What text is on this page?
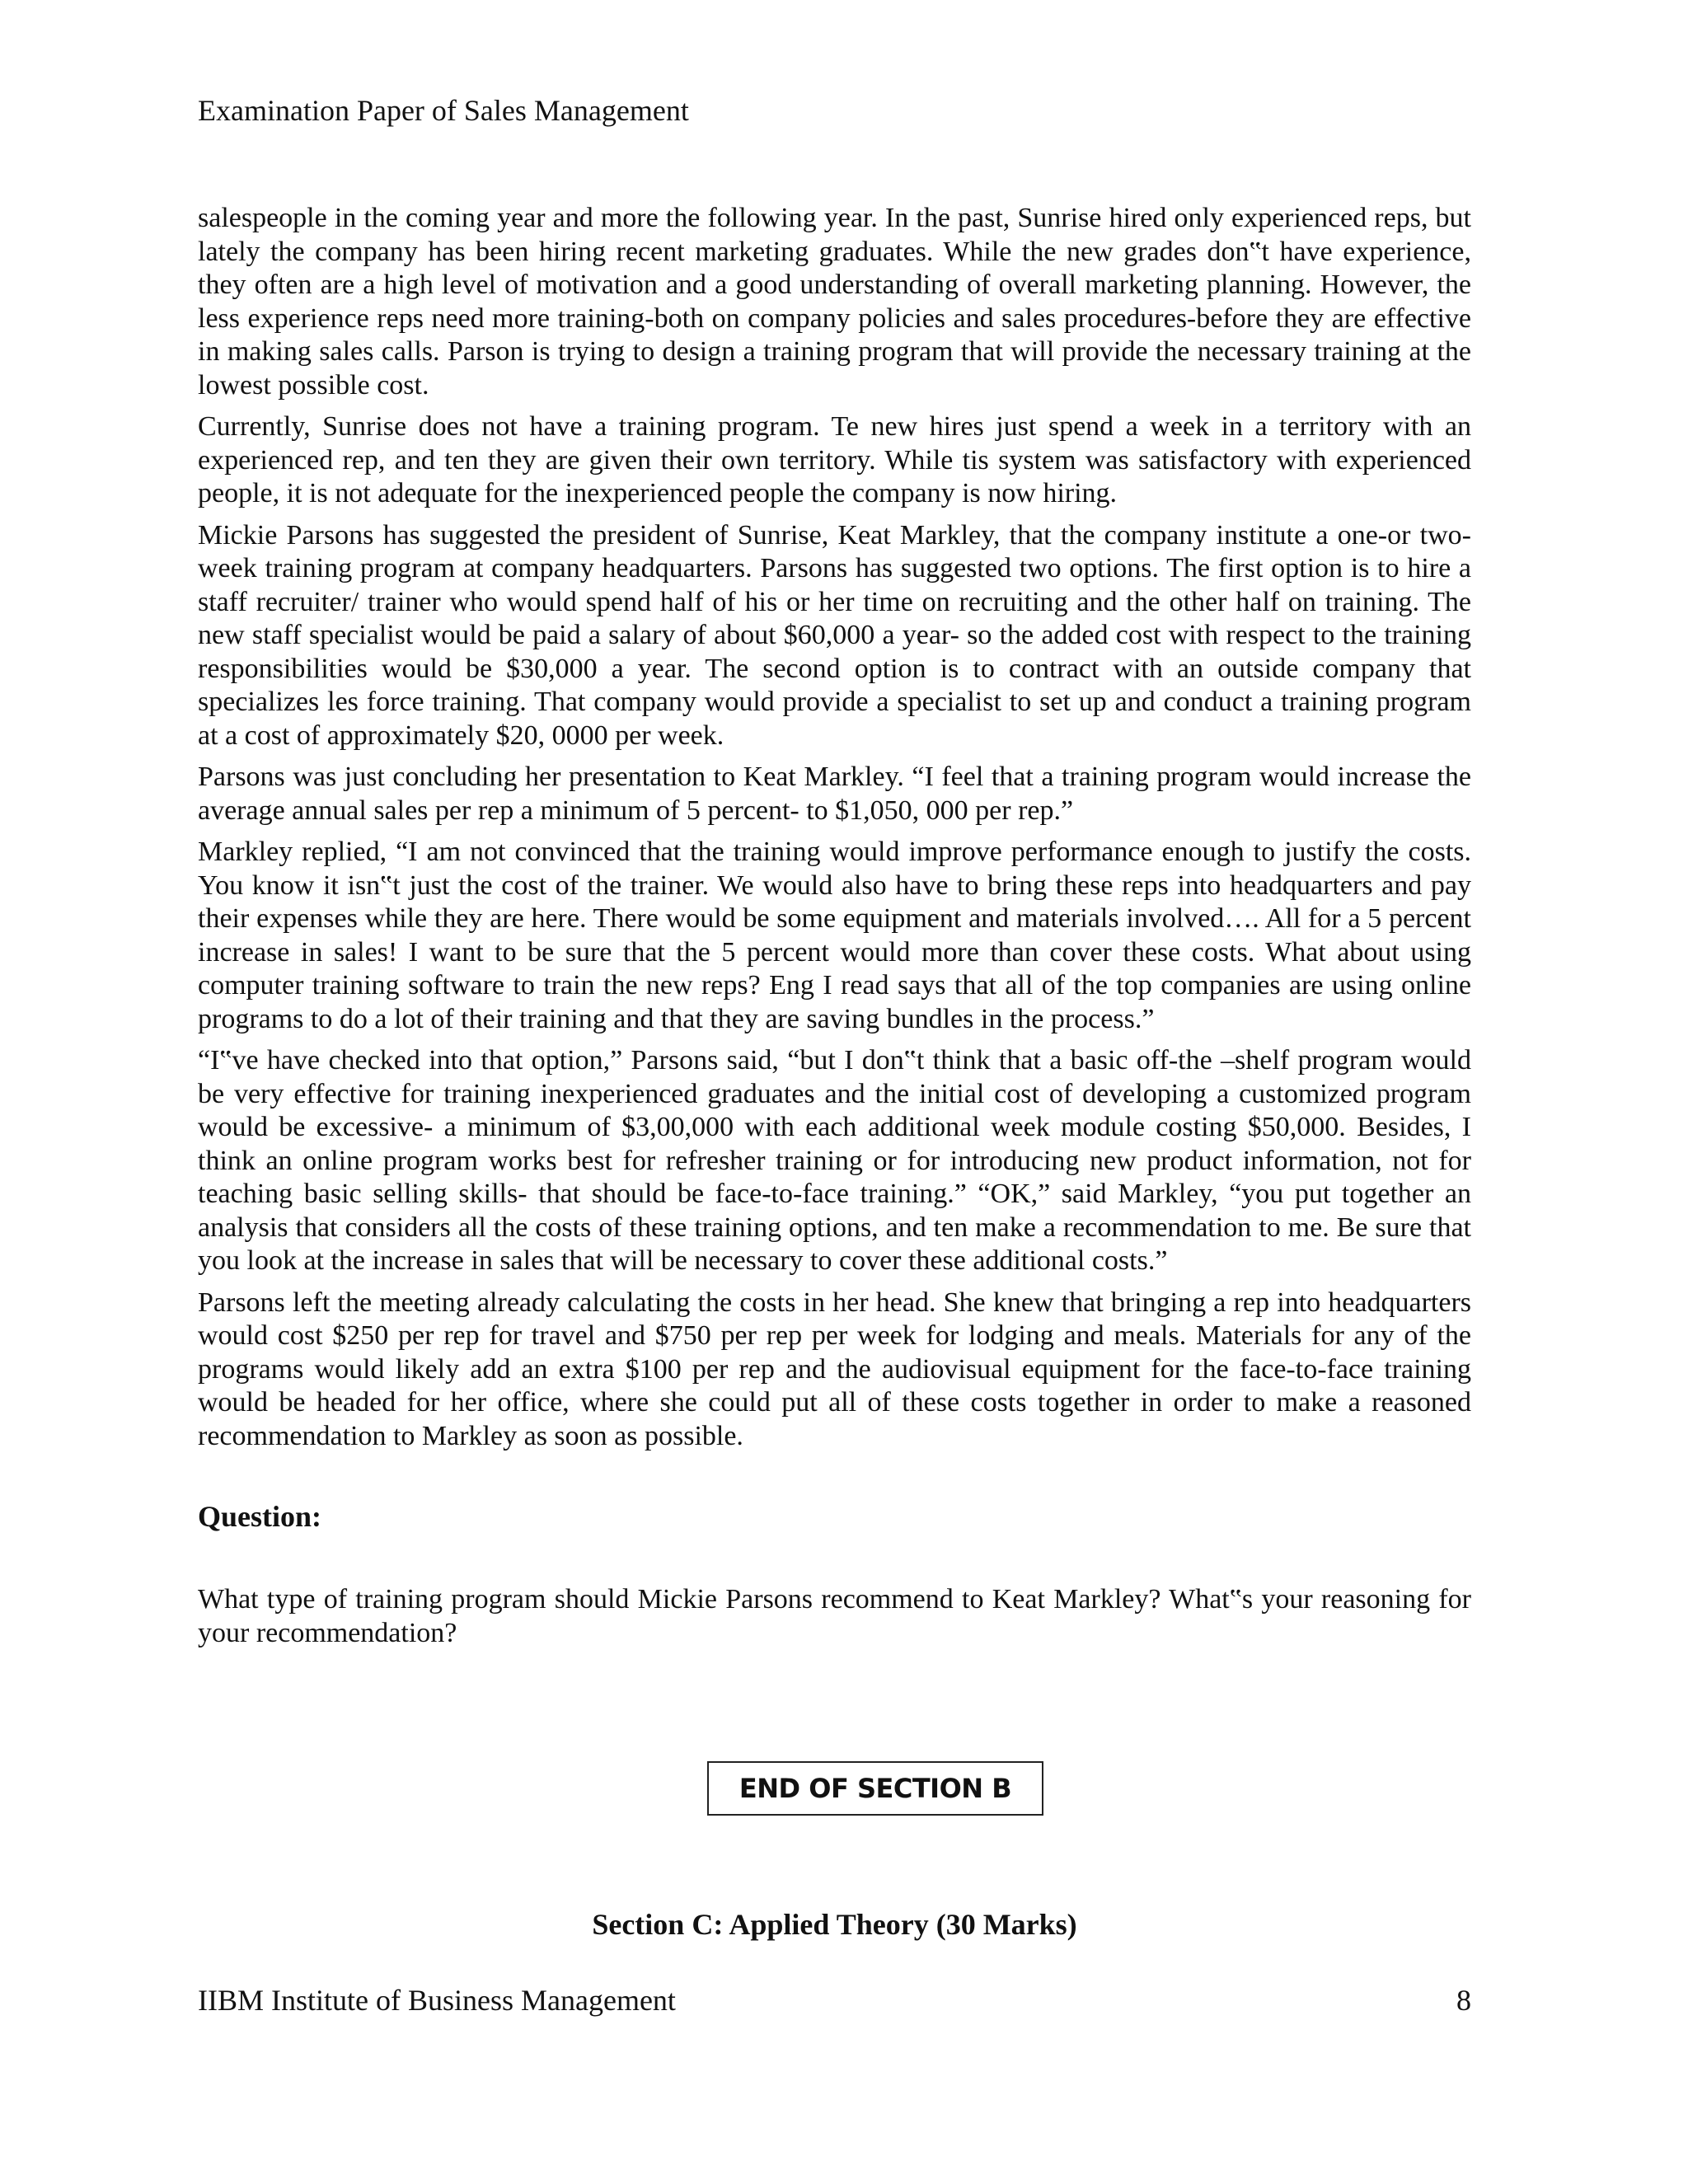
Examination Paper of Sales Management

salespeople in the coming year and more the following year. In the past, Sunrise hired only experienced reps, but lately the company has been hiring recent marketing graduates. While the new grades don‟t have experience, they often are a high level of motivation and a good understanding of overall marketing planning. However, the less experience reps need more training-both on company policies and sales procedures-before they are effective in making sales calls. Parson is trying to design a training program that will provide the necessary training at the lowest possible cost.

Currently, Sunrise does not have a training program. Te new hires just spend a week in a territory with an experienced rep, and ten they are given their own territory. While tis system was satisfactory with experienced people, it is not adequate for the inexperienced people the company is now hiring.

Mickie Parsons has suggested the president of Sunrise, Keat Markley, that the company institute a one-or two-week training program at company headquarters. Parsons has suggested two options. The first option is to hire a staff recruiter/ trainer who would spend half of his or her time on recruiting and the other half on training. The new staff specialist would be paid a salary of about $60,000 a year- so the added cost with respect to the training responsibilities would be $30,000 a year. The second option is to contract with an outside company that specializes les force training. That company would provide a specialist to set up and conduct a training program at a cost of approximately $20, 0000 per week.

Parsons was just concluding her presentation to Keat Markley. “I feel that a training program would increase the average annual sales per rep a minimum of 5 percent- to $1,050, 000 per rep.”

Markley replied, “I am not convinced that the training would improve performance enough to justify the costs. You know it isn‟t just the cost of the trainer. We would also have to bring these reps into headquarters and pay their expenses while they are here. There would be some equipment and materials involved…. All for a 5 percent increase in sales! I want to be sure that the 5 percent would more than cover these costs. What about using computer training software to train the new reps? Eng I read says that all of the top companies are using online programs to do a lot of their training and that they are saving bundles in the process.”

“I‟ve have checked into that option,” Parsons said, “but I don‟t think that a basic off-the –shelf program would be very effective for training inexperienced graduates and the initial cost of developing a customized program would be excessive- a minimum of $3,00,000 with each additional week module costing $50,000. Besides, I think an online program works best for refresher training or for introducing new product information, not for teaching basic selling skills- that should be face-to-face training.” “OK,” said Markley, “you put together an analysis that considers all the costs of these training options, and ten make a recommendation to me. Be sure that you look at the increase in sales that will be necessary to cover these additional costs.”

Parsons left the meeting already calculating the costs in her head. She knew that bringing a rep into headquarters would cost $250 per rep for travel and $750 per rep per week for lodging and meals. Materials for any of the programs would likely add an extra $100 per rep and the audiovisual equipment for the face-to-face training would be headed for her office, where she could put all of these costs together in order to make a reasoned recommendation to Markley as soon as possible.

Question:

What type of training program should Mickie Parsons recommend to Keat Markley? What‟s your reasoning for your recommendation?

END OF SECTION B
Section C: Applied Theory (30 Marks)
IIBM Institute of Business Management	8
